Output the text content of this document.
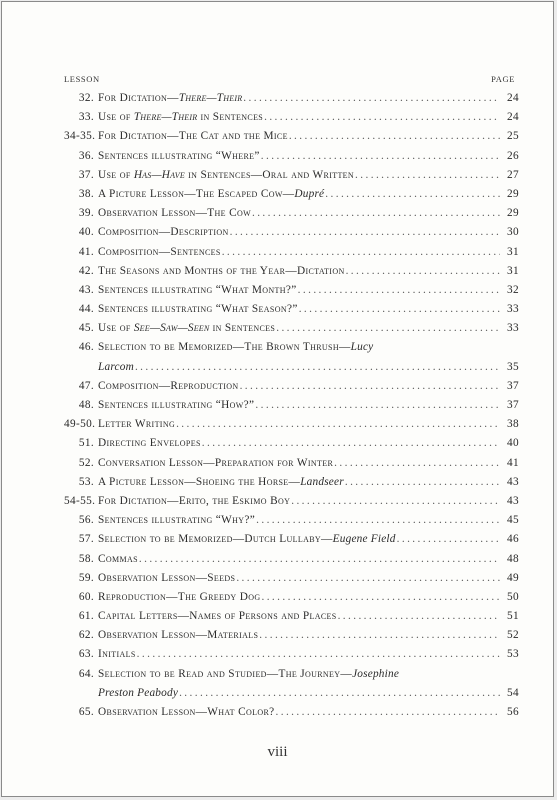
LESSON	PAGE
32. For Dictation—There—Their .....	24
33. Use of There—Their in Sentences .....	24
34-35. For Dictation—The Cat and the Mice .....	25
36. Sentences illustrating “Where” .....	26
37. Use of Has—Have in Sentences—Oral and Written .....	27
38. A Picture Lesson—The Escaped Cow—Dupré .....	29
39. Observation Lesson—The Cow .....	29
40. Composition—Description .....	30
41. Composition—Sentences .....	31
42. The Seasons and Months of the Year—Dictation .....	31
43. Sentences illustrating “What Month?” .....	32
44. Sentences illustrating “What Season?” .....	33
45. Use of See—Saw—Seen in Sentences .....	33
46. Selection to be Memorized—The Brown Thrush—Lucy
Larcom .....	35
47. Composition—Reproduction .....	37
48. Sentences illustrating “How?” .....	37
49-50. Letter Writing .....	38
51. Directing Envelopes .....	40
52. Conversation Lesson—Preparation for Winter .....	41
53. A Picture Lesson—Shoeing the Horse—Landseer .....	43
54-55. For Dictation—Erito, the Eskimo Boy .....	43
56. Sentences illustrating “Why?” .....	45
57. Selection to be Memorized—Dutch Lullaby—Eugene Field .....	46
58. Commas .....	48
59. Observation Lesson—Seeds .....	49
60. Reproduction—The Greedy Dog .....	50
61. Capital Letters—Names of Persons and Places .....	51
62. Observation Lesson—Materials .....	52
63. Initials .....	53
64. Selection to be Read and Studied—The Journey—Josephine
Preston Peabody .....	54
65. Observation Lesson—What Color? .....	56
viii
